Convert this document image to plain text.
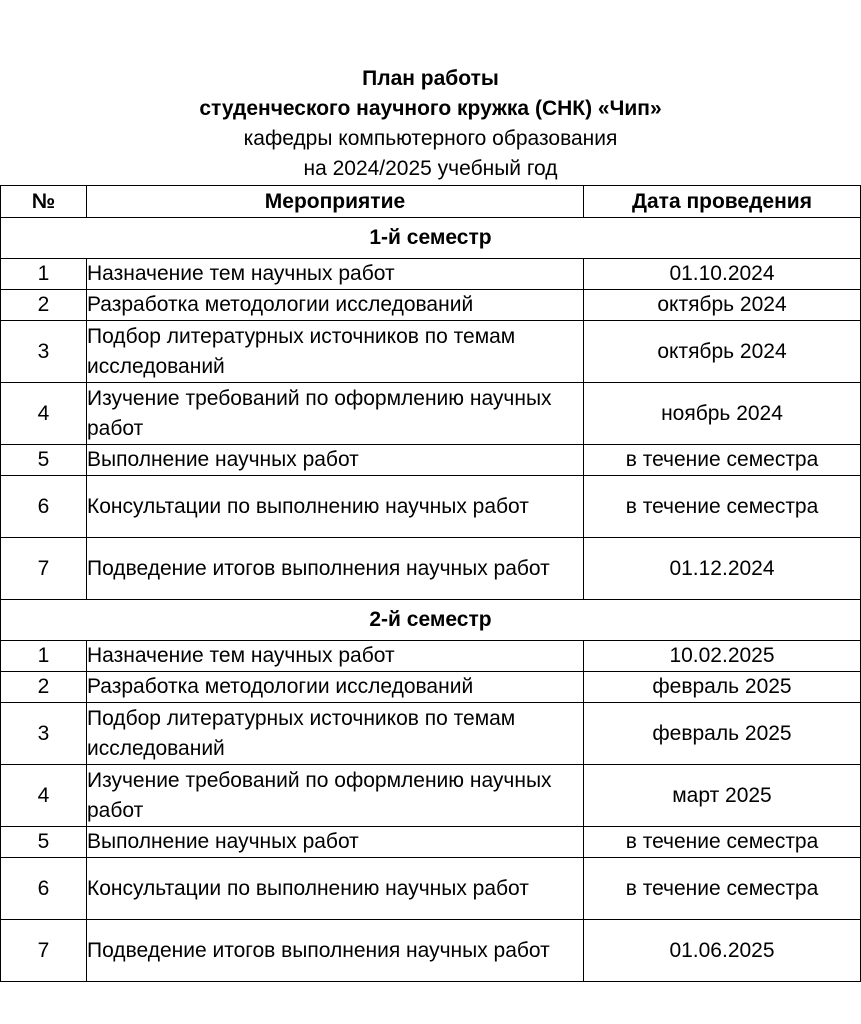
План работы
студенческого научного кружка (СНК) «Чип»
кафедры компьютерного образования
на 2024/2025 учебный год
№	Мероприятие	Дата проведения
1-й семестр		
1	Назначение тем научных работ	01.10.2024
2	Разработка методологии исследований	октябрь 2024
3	Подбор литературных источников по темам исследований	октябрь 2024
4	Изучение требований по оформлению научных работ	ноябрь 2024
5	Выполнение научных работ	в течение семестра
6	Консультации по выполнению научных работ	в течение семестра
7	Подведение итогов выполнения научных работ	01.12.2024
2-й семестр		
1	Назначение тем научных работ	10.02.2025
2	Разработка методологии исследований	февраль 2025
3	Подбор литературных источников по темам исследований	февраль 2025
4	Изучение требований по оформлению научных работ	март 2025
5	Выполнение научных работ	в течение семестра
6	Консультации по выполнению научных работ	в течение семестра
7	Подведение итогов выполнения научных работ	01.06.2025
